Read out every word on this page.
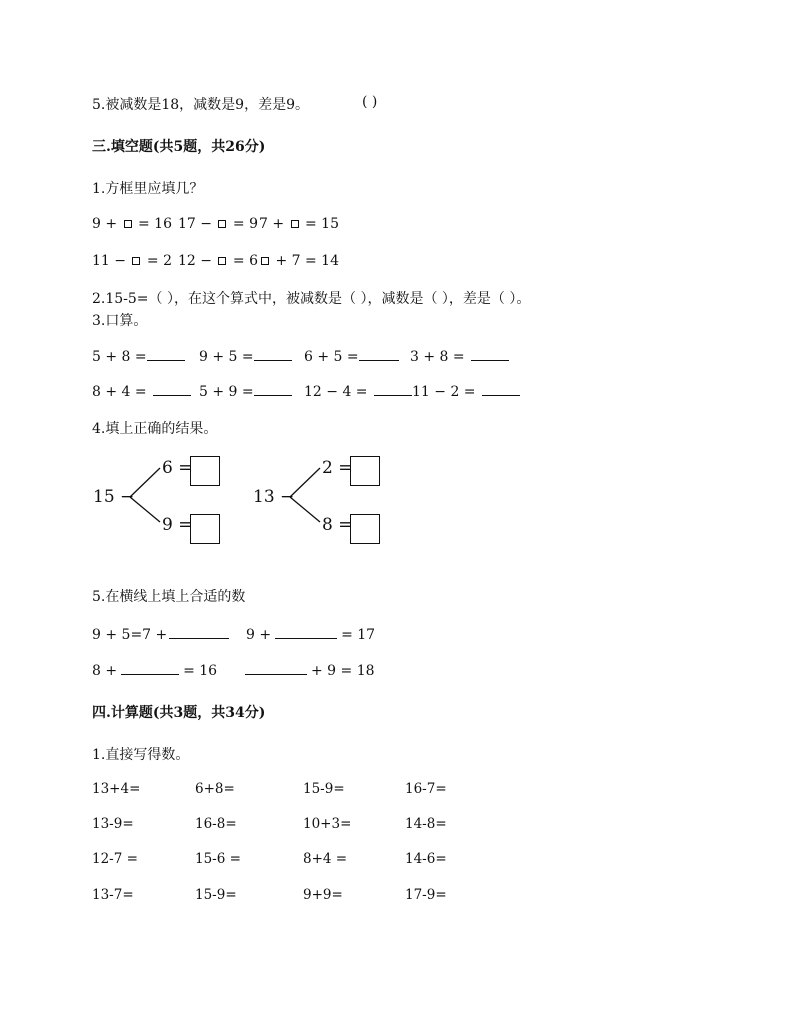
5.被减数是18，减数是9，差是9。	( )
三.填空题(共5题，共26分)
1.方框里应填几？
9 +  = 16 17 −  = 9 7 +  = 15
11 −  = 2 12 −  = 6 + 7 = 14
2.15-5=（ ），在这个算式中，被减数是（ ），减数是（ ），差是（ ）。
3.口算。
5 + 8 =	9 + 5 =	6 + 5 =	3 + 8 =
8 + 4 =	5 + 9 =	12 − 4 =	11 − 2 =
4.填上正确的结果。
15 −
6 =
9 =
13 −
2 =
8 =
5.在横线上填上合适的数
9 + 5=7 +	9 +	= 17
8 +	= 16	+ 9 = 18
四.计算题(共3题，共34分)
1.直接写得数。
13+4=	6+8=	15-9=	16-7=
13-9=	16-8=	10+3=	14-8=
12-7 =	15-6 =	8+4 =	14-6=
13-7=	15-9=	9+9=	17-9=
